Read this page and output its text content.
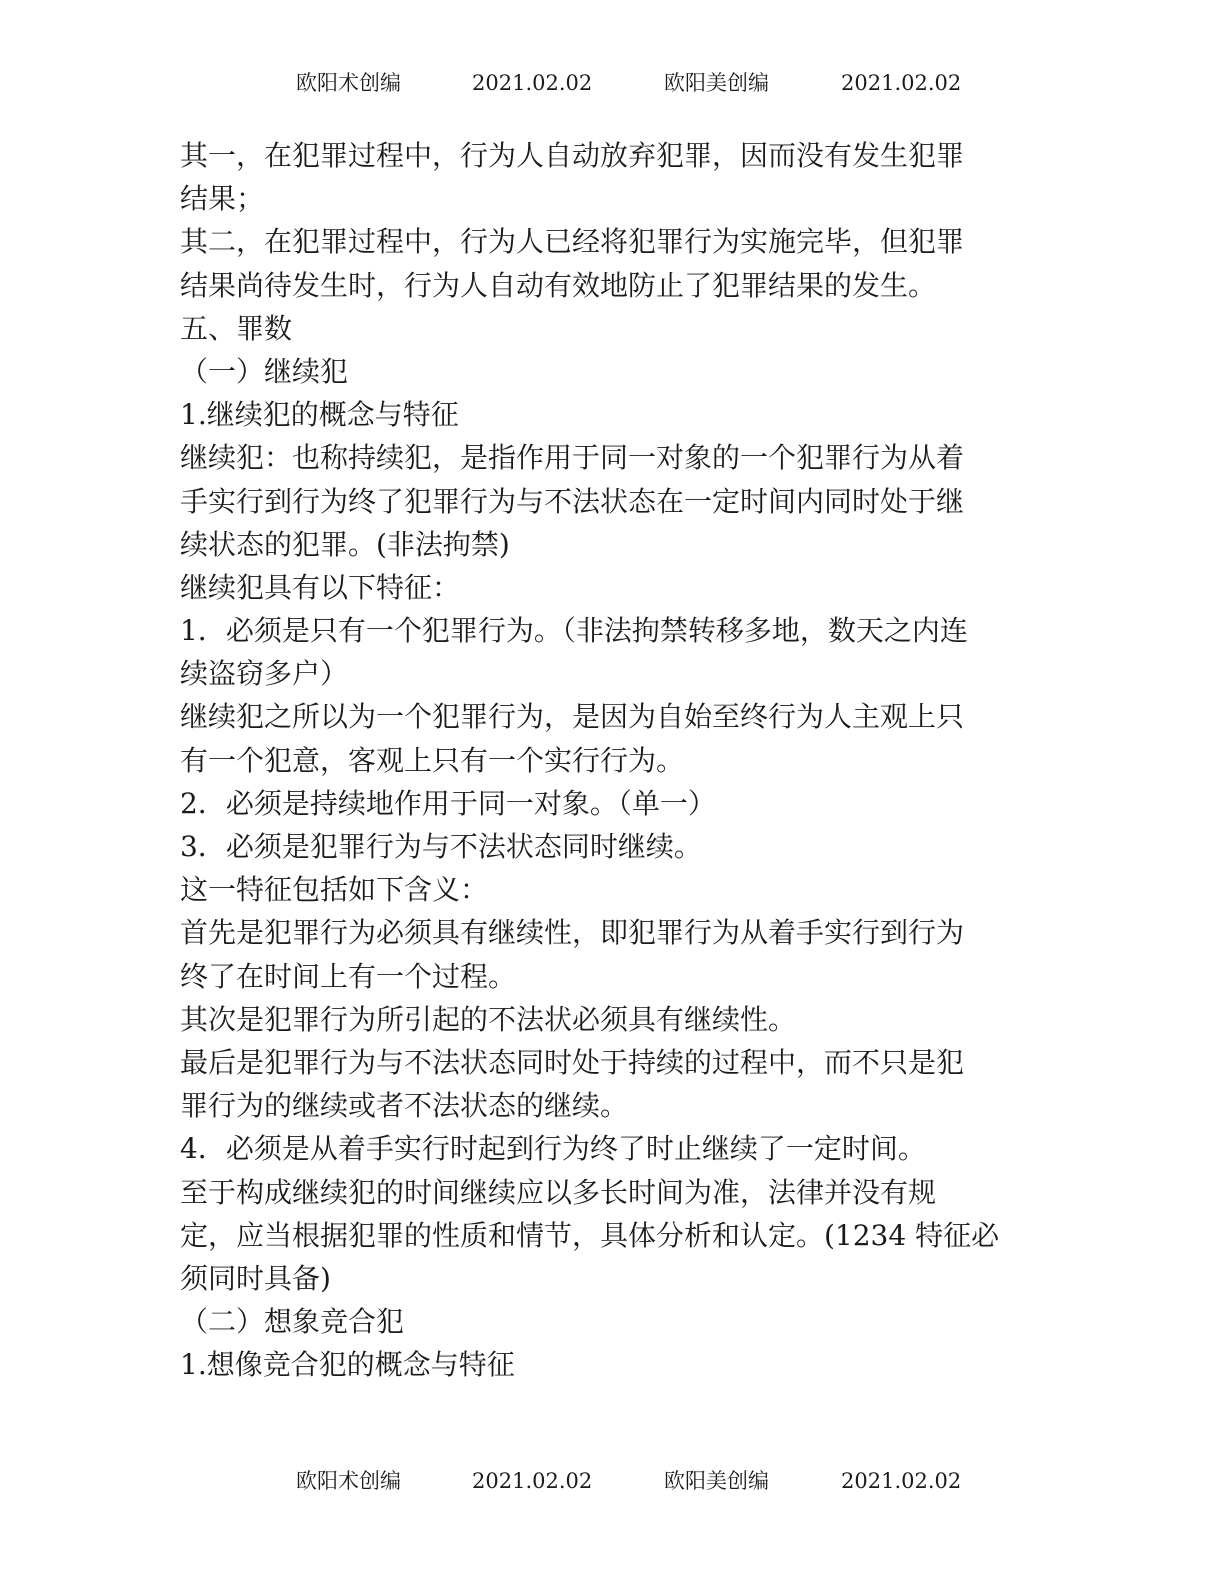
欧阳术创编	2021.02.02	欧阳美创编	2021.02.02
其一，在犯罪过程中，行为人自动放弃犯罪，因而没有发生犯罪
结果；
其二，在犯罪过程中，行为人已经将犯罪行为实施完毕，但犯罪
结果尚待发生时，行为人自动有效地防止了犯罪结果的发生。
五、罪数
（一）继续犯
1.继续犯的概念与特征
继续犯：也称持续犯，是指作用于同一对象的一个犯罪行为从着
手实行到行为终了犯罪行为与不法状态在一定时间内同时处于继
续状态的犯罪。(非法拘禁)
继续犯具有以下特征：
1．必须是只有一个犯罪行为。（非法拘禁转移多地，数天之内连
续盗窃多户）
继续犯之所以为一个犯罪行为，是因为自始至终行为人主观上只
有一个犯意，客观上只有一个实行行为。
2．必须是持续地作用于同一对象。（单一）
3．必须是犯罪行为与不法状态同时继续。
这一特征包括如下含义：
首先是犯罪行为必须具有继续性，即犯罪行为从着手实行到行为
终了在时间上有一个过程。
其次是犯罪行为所引起的不法状必须具有继续性。
最后是犯罪行为与不法状态同时处于持续的过程中，而不只是犯
罪行为的继续或者不法状态的继续。
4．必须是从着手实行时起到行为终了时止继续了一定时间。
至于构成继续犯的时间继续应以多长时间为准，法律并没有规
定，应当根据犯罪的性质和情节，具体分析和认定。(1234 特征必
须同时具备)
（二）想象竞合犯
1.想像竞合犯的概念与特征
欧阳术创编	2021.02.02	欧阳美创编	2021.02.02
